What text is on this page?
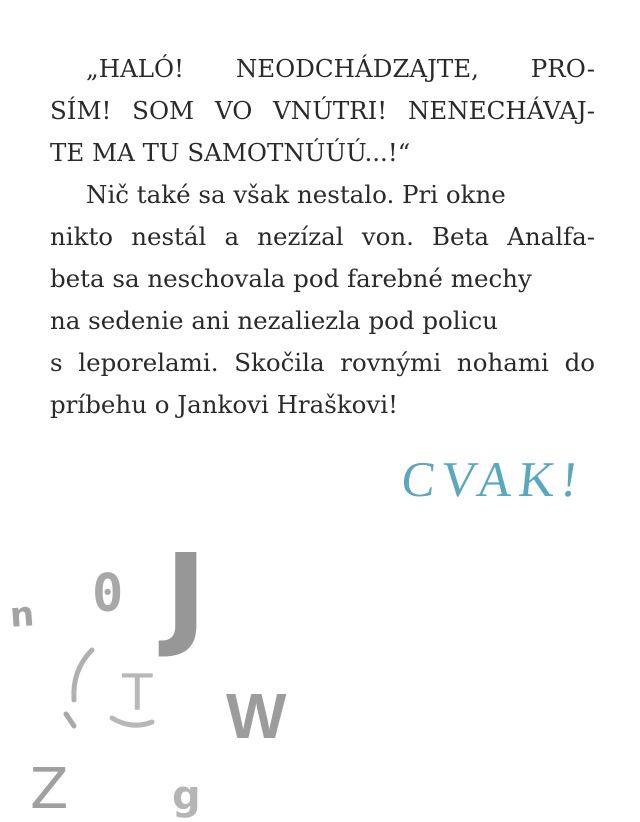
„HALÓ! NEODCHÁDZAJTE, PRO-
SÍM! SOM VO VNÚTRI! NENECHÁVAJ-
TE MA TU SAMOTNÚÚÚ...!“
Nič také sa však nestalo. Pri okne
nikto nestál a nezízal von. Beta Analfa-
beta sa neschovala pod farebné mechy
na sedenie ani nezaliezla pod policu
s leporelami. Skočila rovnými nohami do
príbehu o Jankovi Hraškovi!
CVAK!
n 0 J
T W
Z	g
